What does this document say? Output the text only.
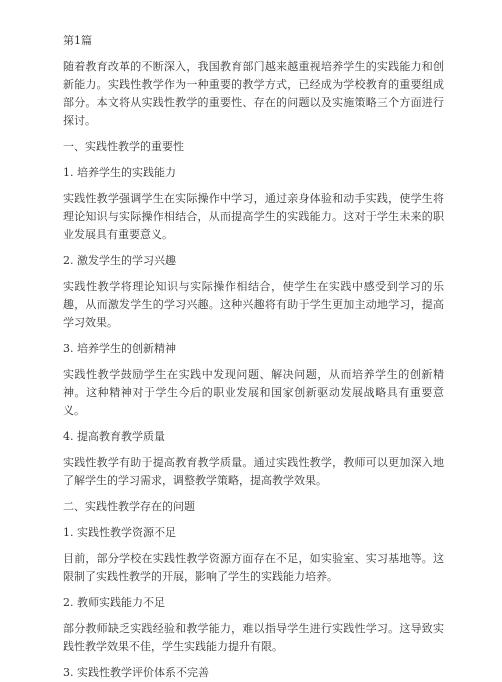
第1篇
随着教育改革的不断深入，我国教育部门越来越重视培养学生的实践能力和创新能力。实践性教学作为一种重要的教学方式，已经成为学校教育的重要组成部分。本文将从实践性教学的重要性、存在的问题以及实施策略三个方面进行探讨。
一、实践性教学的重要性
1. 培养学生的实践能力
实践性教学强调学生在实际操作中学习，通过亲身体验和动手实践，使学生将理论知识与实际操作相结合，从而提高学生的实践能力。这对于学生未来的职业发展具有重要意义。
2. 激发学生的学习兴趣
实践性教学将理论知识与实际操作相结合，使学生在实践中感受到学习的乐趣，从而激发学生的学习兴趣。这种兴趣将有助于学生更加主动地学习，提高学习效果。
3. 培养学生的创新精神
实践性教学鼓励学生在实践中发现问题、解决问题，从而培养学生的创新精神。这种精神对于学生今后的职业发展和国家创新驱动发展战略具有重要意义。
4. 提高教育教学质量
实践性教学有助于提高教育教学质量。通过实践性教学，教师可以更加深入地了解学生的学习需求，调整教学策略，提高教学效果。
二、实践性教学存在的问题
1. 实践性教学资源不足
目前，部分学校在实践性教学资源方面存在不足，如实验室、实习基地等。这限制了实践性教学的开展，影响了学生的实践能力培养。
2. 教师实践能力不足
部分教师缺乏实践经验和教学能力，难以指导学生进行实践性学习。这导致实践性教学效果不佳，学生实践能力提升有限。
3. 实践性教学评价体系不完善
